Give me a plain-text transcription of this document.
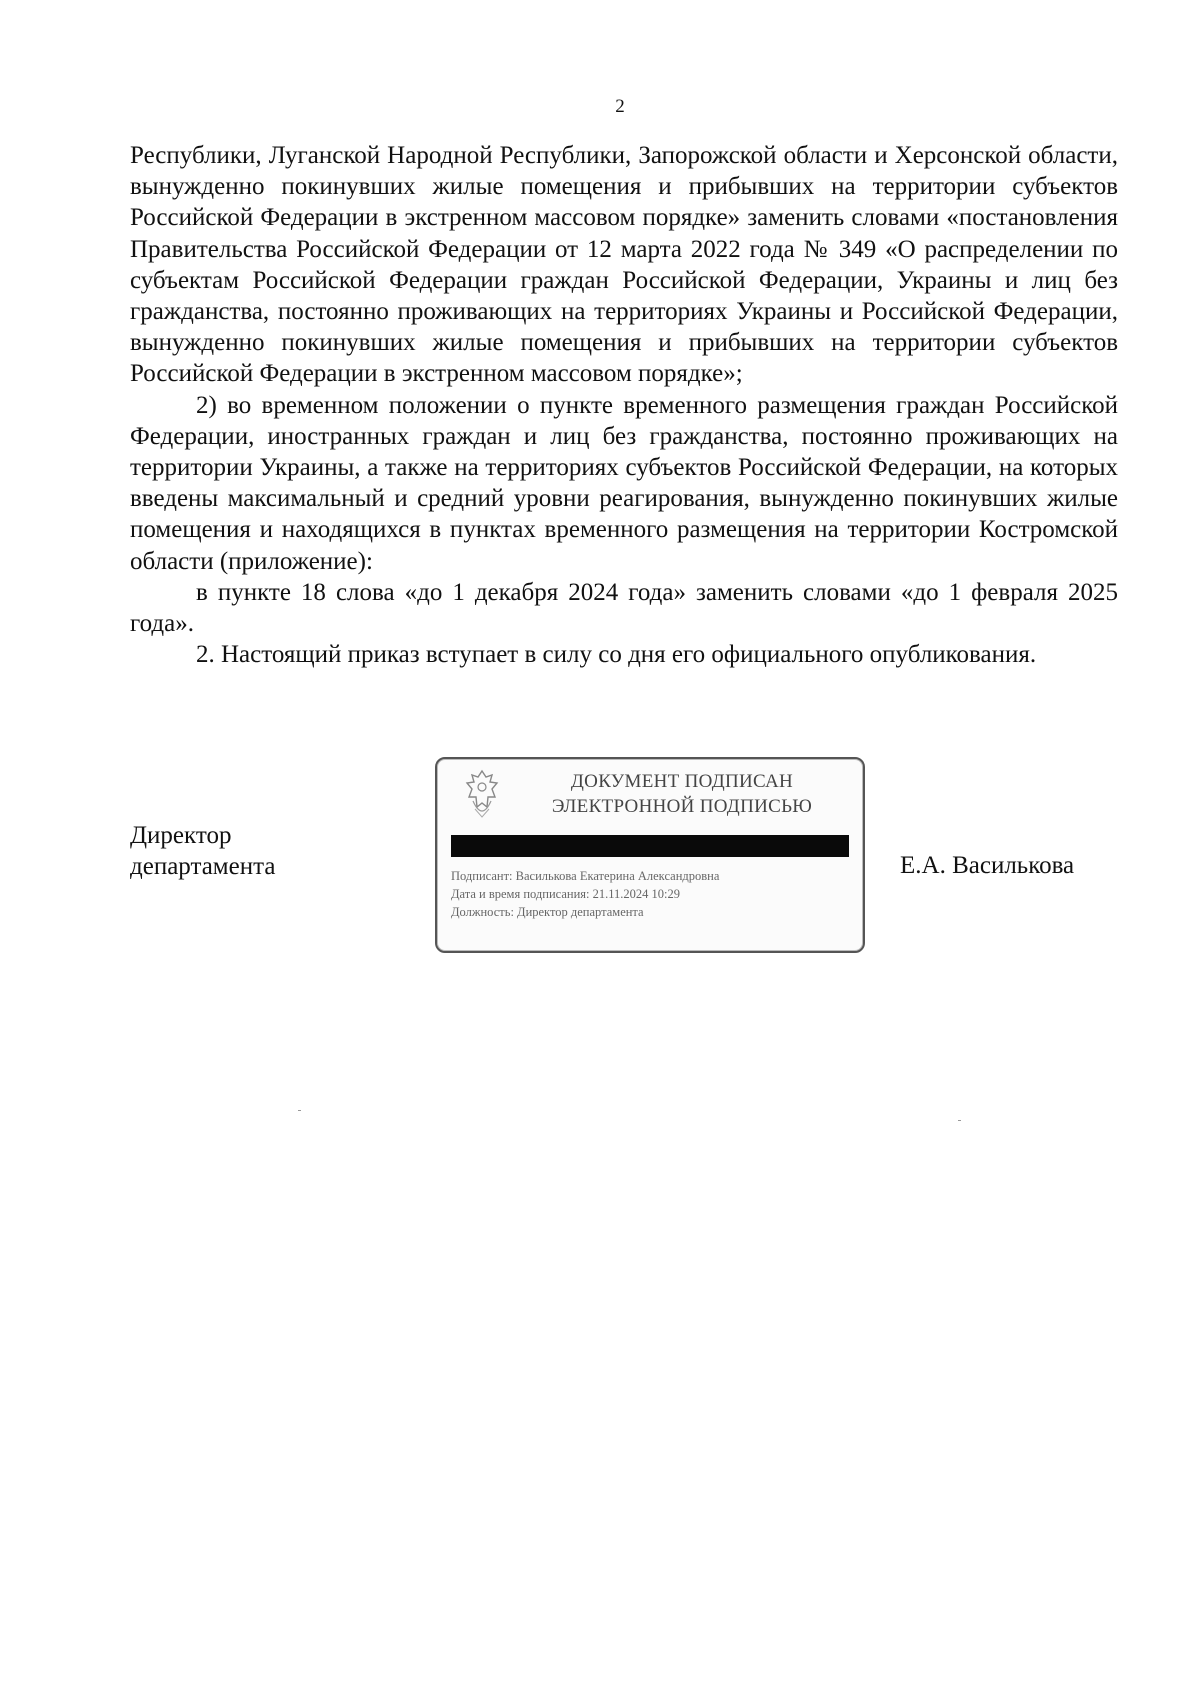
2

Республики, Луганской Народной Республики, Запорожской области и Херсонской области, вынужденно покинувших жилые помещения и прибывших на территории субъектов Российской Федерации в экстренном массовом порядке» заменить словами «постановления Правительства Российской Федерации от 12 марта 2022 года № 349 «О распределении по субъектам Российской Федерации граждан Российской Федерации, Украины и лиц без гражданства, постоянно проживающих на территориях Украины и Российской Федерации, вынужденно покинувших жилые помещения и прибывших на территории субъектов Российской Федерации в экстренном массовом порядке»;

2) во временном положении о пункте временного размещения граждан Российской Федерации, иностранных граждан и лиц без гражданства, постоянно проживающих на территории Украины, а также на территориях субъектов Российской Федерации, на которых введены максимальный и средний уровни реагирования, вынужденно покинувших жилые помещения и находящихся в пунктах временного размещения на территории Костромской области (приложение):

в пункте 18 слова «до 1 декабря 2024 года» заменить словами «до 1 февраля 2025 года».

2. Настоящий приказ вступает в силу со дня его официального опубликования.

Директор
департамента
ДОКУМЕНТ ПОДПИСАН
ЭЛЕКТРОННОЙ ПОДПИСЬЮ
Подписант: Василькова Екатерина Александровна
Дата и время подписания: 21.11.2024 10:29
Должность: Директор департамента
Е.А. Василькова
